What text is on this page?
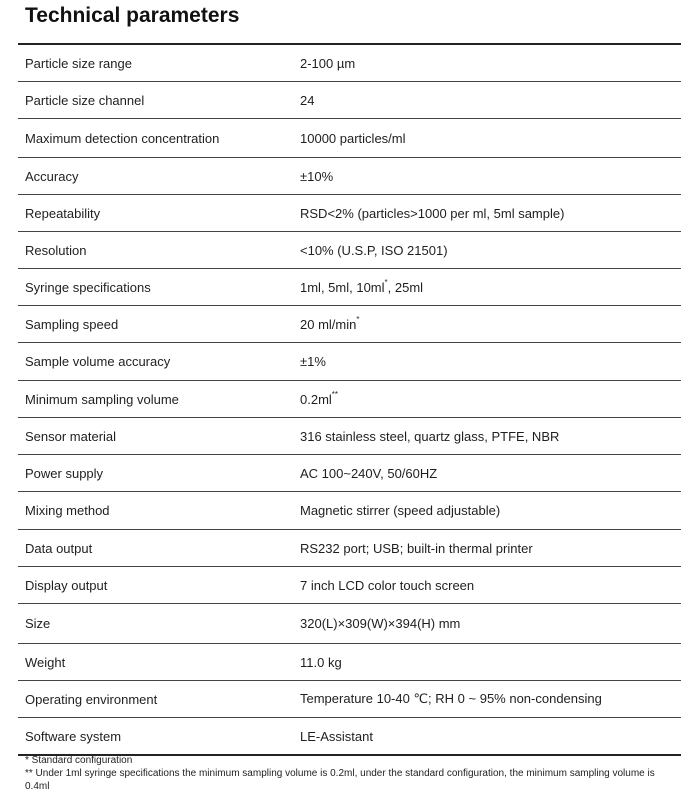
Technical parameters
Particle size range	2-100 µm
Particle size channel	24
Maximum detection concentration	10000 particles/ml
Accuracy	±10%
Repeatability	RSD<2% (particles>1000 per ml, 5ml sample)
Resolution	<10% (U.S.P, ISO 21501)
Syringe specifications	1ml, 5ml, 10ml*, 25ml
Sampling speed	20 ml/min*
Sample volume accuracy	±1%
Minimum sampling volume	0.2ml**
Sensor material	316 stainless steel, quartz glass, PTFE, NBR
Power supply	AC 100~240V, 50/60HZ
Mixing method	Magnetic stirrer (speed adjustable)
Data output	RS232 port; USB; built-in thermal printer
Display output	7 inch LCD color touch screen
Size	320(L)×309(W)×394(H) mm
Weight	11.0 kg
Operating environment	Temperature 10-40 ℃; RH 0 ~ 95% non-condensing
Software system	LE-Assistant
* Standard configuration
** Under 1ml syringe specifications the minimum sampling volume is 0.2ml, under the standard configuration, the minimum sampling volume is 0.4ml
